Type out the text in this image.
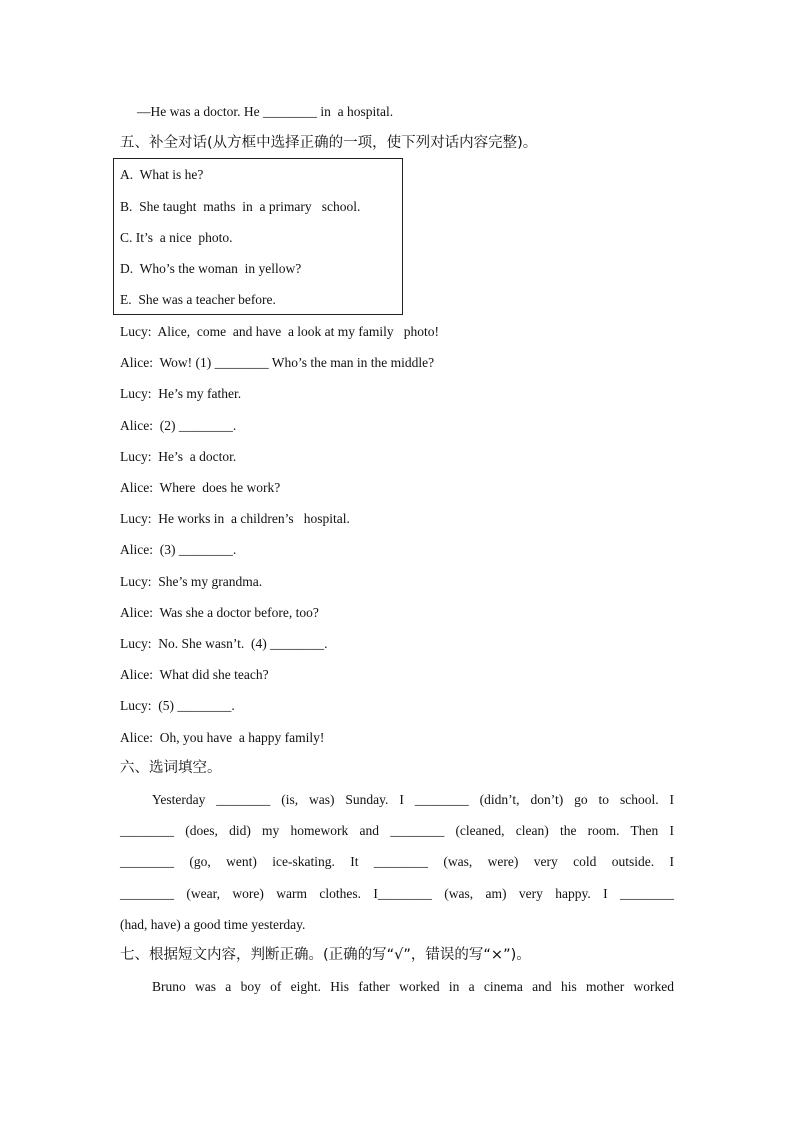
—He was a doctor. He ________ in  a hospital.
五、补全对话(从方框中选择正确的一项，使下列对话内容完整)。
A.  What is he?
B.  She taught  maths  in  a primary   school.
C. It’s  a nice  photo.
D.  Who’s the woman  in yellow?
E.  She was a teacher before.
Lucy:  Alice,  come  and have  a look at my family   photo!
Alice:  Wow! (1) ________ Who’s the man in the middle?
Lucy:  He’s my father.
Alice:  (2) ________.
Lucy:  He’s  a doctor.
Alice:  Where  does he work?
Lucy:  He works in  a children’s   hospital.
Alice:  (3) ________.
Lucy:  She’s my grandma.
Alice:  Was she a doctor before, too?
Lucy:  No. She wasn’t.  (4) ________.
Alice:  What did she teach?
Lucy:  (5) ________.
Alice:  Oh, you have  a happy family!
六、选词填空。
Yesterday ________ (is, was) Sunday. I ________ (didn’t, don’t) go to school. I
________ (does, did) my homework and ________ (cleaned, clean) the room. Then I
________ (go, went) ice-skating. It ________ (was, were) very cold outside. I
________ (wear, wore) warm clothes. I________ (was, am) very happy. I ________
(had, have) a good time yesterday.
七、根据短文内容，判断正确。(正确的写“√”，错误的写“×”)。
Bruno was a boy of eight. His father worked in a cinema and his mother worked
